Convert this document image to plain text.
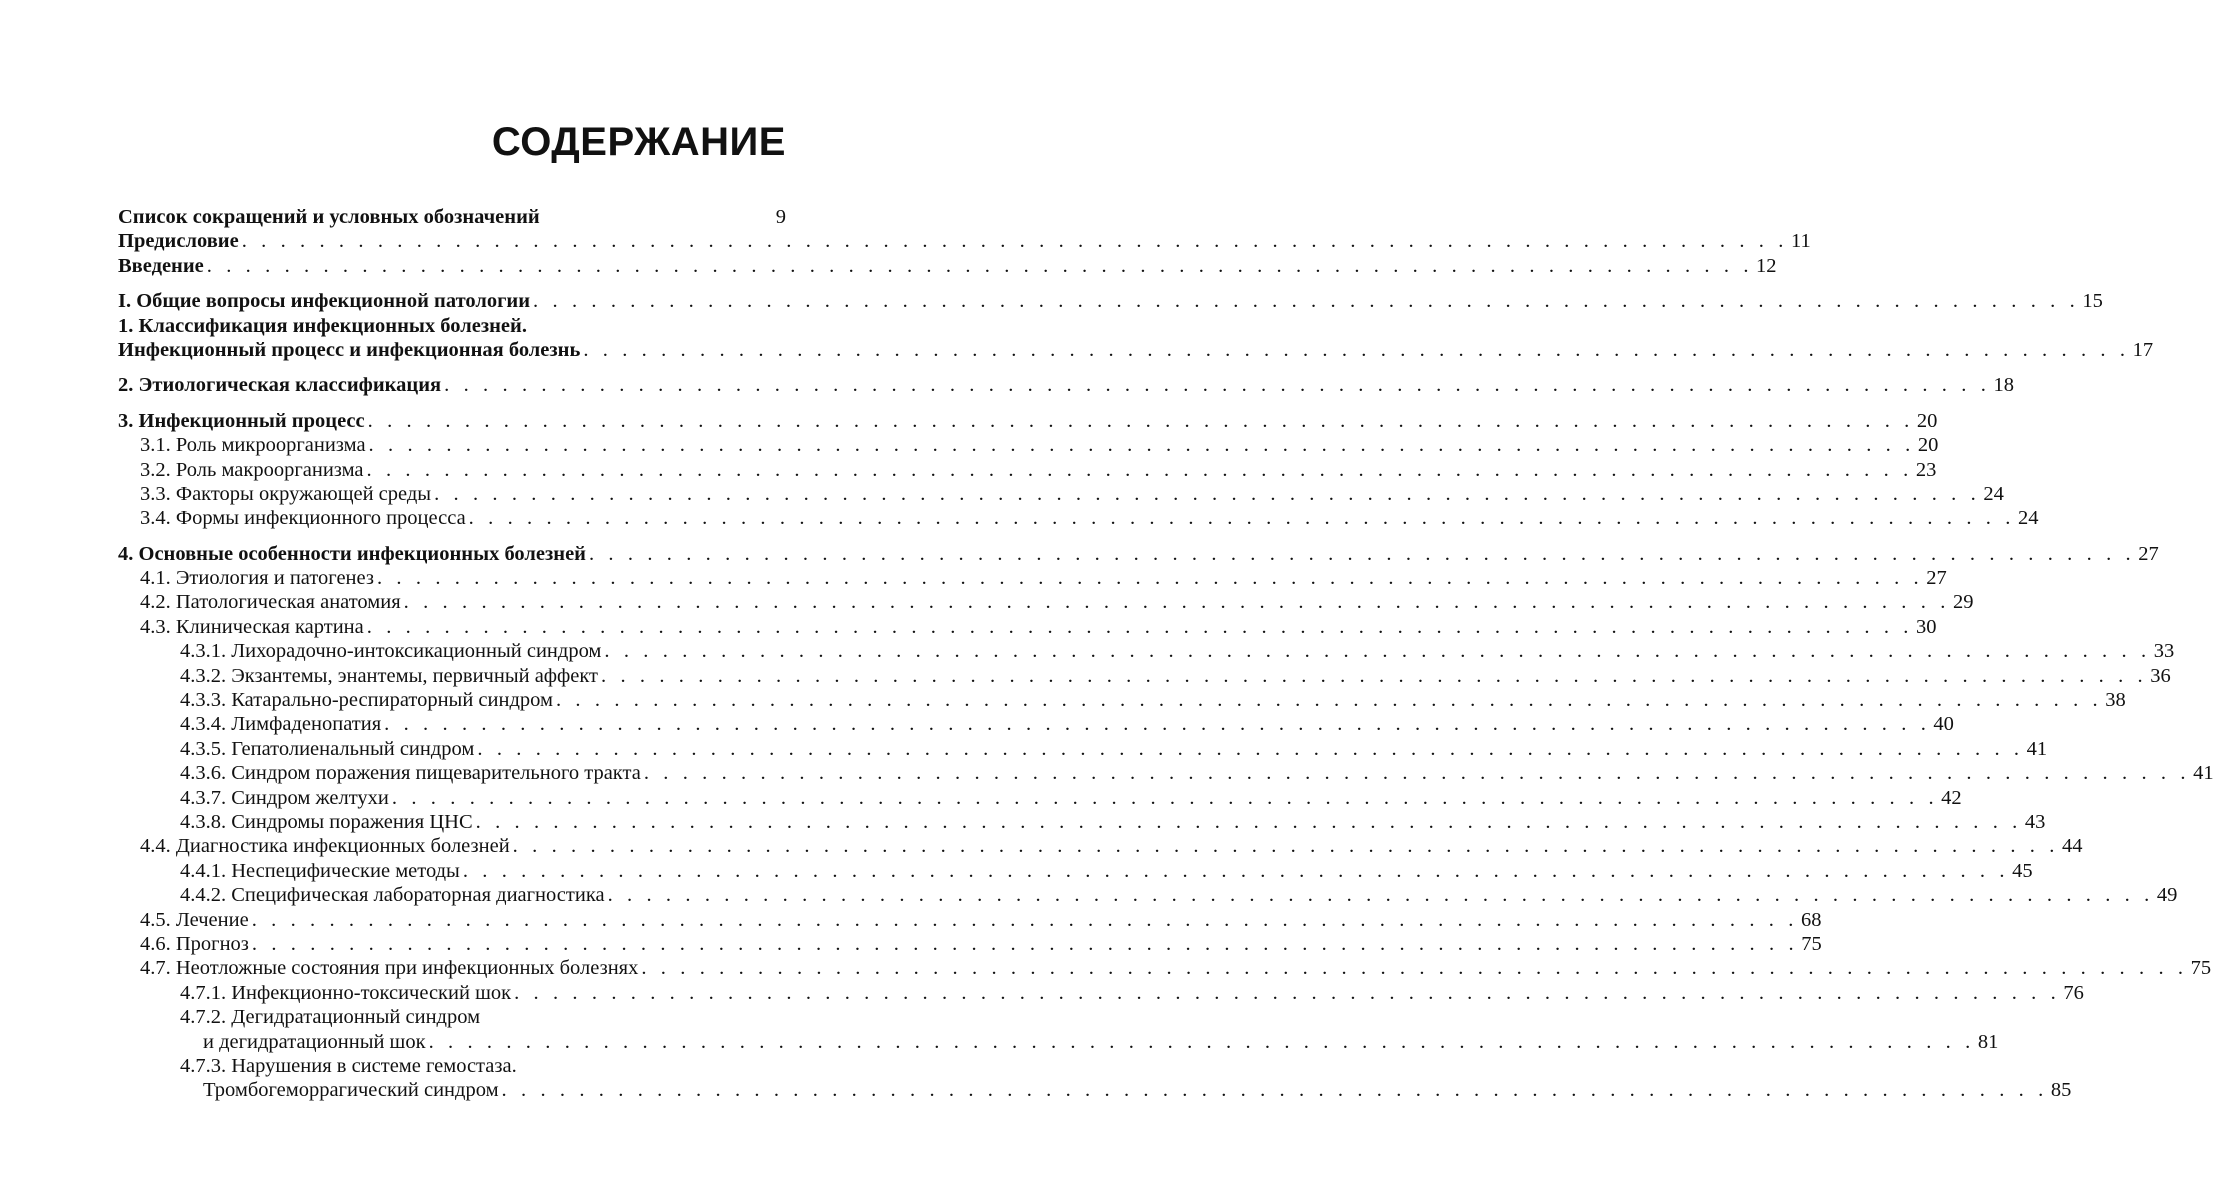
СОДЕРЖАНИЕ
Список сокращений и условных обозначений	9
Предисловие . . . . . . . . . . . . . . . . . . . . . . . . . . . . . . . . . . . . . . . . . . . . . . . . . . . . . . . . . . . . . . . . . . . . . . . . . . . . . . . . 11
Введение . . . . . . . . . . . . . . . . . . . . . . . . . . . . . . . . . . . . . . . . . . . . . . . . . . . . . . . . . . . . . . . . . . . . . . . . . . . . . . . . 12
I. Общие вопросы инфекционной патологии . . . . . . . . . . . . . . . . . . . . . . . . . . . . . . . . . . . . . . . . . . . . . . . . . . . . . . . . . . . . . . . . . . . . . . . . . . . . . . . . 15
1. Классификация инфекционных болезней.
Инфекционный процесс и инфекционная болезнь . . . . . . . . . . . . . . . . . . . . . . . . . . . . . . . . . . . . . . . . . . . . . . . . . . . . . . . . . . . . . . . . . . . . . . . . . . . . . . . . 17
2. Этиологическая классификация . . . . . . . . . . . . . . . . . . . . . . . . . . . . . . . . . . . . . . . . . . . . . . . . . . . . . . . . . . . . . . . . . . . . . . . . . . . . . . . . 18
3. Инфекционный процесс . . . . . . . . . . . . . . . . . . . . . . . . . . . . . . . . . . . . . . . . . . . . . . . . . . . . . . . . . . . . . . . . . . . . . . . . . . . . . . . . 20
3.1. Роль микроорганизма . . . . . . . . . . . . . . . . . . . . . . . . . . . . . . . . . . . . . . . . . . . . . . . . . . . . . . . . . . . . . . . . . . . . . . . . . . . . . . . . 20
3.2. Роль макроорганизма . . . . . . . . . . . . . . . . . . . . . . . . . . . . . . . . . . . . . . . . . . . . . . . . . . . . . . . . . . . . . . . . . . . . . . . . . . . . . . . . 23
3.3. Факторы окружающей среды . . . . . . . . . . . . . . . . . . . . . . . . . . . . . . . . . . . . . . . . . . . . . . . . . . . . . . . . . . . . . . . . . . . . . . . . . . . . . . . . 24
3.4. Формы инфекционного процесса . . . . . . . . . . . . . . . . . . . . . . . . . . . . . . . . . . . . . . . . . . . . . . . . . . . . . . . . . . . . . . . . . . . . . . . . . . . . . . . . 24
4. Основные особенности инфекционных болезней . . . . . . . . . . . . . . . . . . . . . . . . . . . . . . . . . . . . . . . . . . . . . . . . . . . . . . . . . . . . . . . . . . . . . . . . . . . . . . . . 27
4.1. Этиология и патогенез . . . . . . . . . . . . . . . . . . . . . . . . . . . . . . . . . . . . . . . . . . . . . . . . . . . . . . . . . . . . . . . . . . . . . . . . . . . . . . . . 27
4.2. Патологическая анатомия . . . . . . . . . . . . . . . . . . . . . . . . . . . . . . . . . . . . . . . . . . . . . . . . . . . . . . . . . . . . . . . . . . . . . . . . . . . . . . . . 29
4.3. Клиническая картина . . . . . . . . . . . . . . . . . . . . . . . . . . . . . . . . . . . . . . . . . . . . . . . . . . . . . . . . . . . . . . . . . . . . . . . . . . . . . . . . 30
4.3.1. Лихорадочно-интоксикационный синдром . . . . . . . . . . . . . . . . . . . . . . . . . . . . . . . . . . . . . . . . . . . . . . . . . . . . . . . . . . . . . . . . . . . . . . . . . . . . . . . . 33
4.3.2. Экзантемы, энантемы, первичный аффект . . . . . . . . . . . . . . . . . . . . . . . . . . . . . . . . . . . . . . . . . . . . . . . . . . . . . . . . . . . . . . . . . . . . . . . . . . . . . . . . 36
4.3.3. Катарально-респираторный синдром . . . . . . . . . . . . . . . . . . . . . . . . . . . . . . . . . . . . . . . . . . . . . . . . . . . . . . . . . . . . . . . . . . . . . . . . . . . . . . . . 38
4.3.4. Лимфаденопатия . . . . . . . . . . . . . . . . . . . . . . . . . . . . . . . . . . . . . . . . . . . . . . . . . . . . . . . . . . . . . . . . . . . . . . . . . . . . . . . . 40
4.3.5. Гепатолиенальный синдром . . . . . . . . . . . . . . . . . . . . . . . . . . . . . . . . . . . . . . . . . . . . . . . . . . . . . . . . . . . . . . . . . . . . . . . . . . . . . . . . 41
4.3.6. Синдром поражения пищеварительного тракта . . . . . . . . . . . . . . . . . . . . . . . . . . . . . . . . . . . . . . . . . . . . . . . . . . . . . . . . . . . . . . . . . . . . . . . . . . . . . . . . 41
4.3.7. Синдром желтухи . . . . . . . . . . . . . . . . . . . . . . . . . . . . . . . . . . . . . . . . . . . . . . . . . . . . . . . . . . . . . . . . . . . . . . . . . . . . . . . . 42
4.3.8. Синдромы поражения ЦНС . . . . . . . . . . . . . . . . . . . . . . . . . . . . . . . . . . . . . . . . . . . . . . . . . . . . . . . . . . . . . . . . . . . . . . . . . . . . . . . . 43
4.4. Диагностика инфекционных болезней . . . . . . . . . . . . . . . . . . . . . . . . . . . . . . . . . . . . . . . . . . . . . . . . . . . . . . . . . . . . . . . . . . . . . . . . . . . . . . . . 44
4.4.1. Неспецифические методы . . . . . . . . . . . . . . . . . . . . . . . . . . . . . . . . . . . . . . . . . . . . . . . . . . . . . . . . . . . . . . . . . . . . . . . . . . . . . . . . 45
4.4.2. Специфическая лабораторная диагностика . . . . . . . . . . . . . . . . . . . . . . . . . . . . . . . . . . . . . . . . . . . . . . . . . . . . . . . . . . . . . . . . . . . . . . . . . . . . . . . . 49
4.5. Лечение . . . . . . . . . . . . . . . . . . . . . . . . . . . . . . . . . . . . . . . . . . . . . . . . . . . . . . . . . . . . . . . . . . . . . . . . . . . . . . . . 68
4.6. Прогноз . . . . . . . . . . . . . . . . . . . . . . . . . . . . . . . . . . . . . . . . . . . . . . . . . . . . . . . . . . . . . . . . . . . . . . . . . . . . . . . . 75
4.7. Неотложные состояния при инфекционных болезнях . . . . . . . . . . . . . . . . . . . . . . . . . . . . . . . . . . . . . . . . . . . . . . . . . . . . . . . . . . . . . . . . . . . . . . . . . . . . . . . . 75
4.7.1. Инфекционно-токсический шок . . . . . . . . . . . . . . . . . . . . . . . . . . . . . . . . . . . . . . . . . . . . . . . . . . . . . . . . . . . . . . . . . . . . . . . . . . . . . . . . 76
4.7.2. Дегидратационный синдром
и дегидратационный шок . . . . . . . . . . . . . . . . . . . . . . . . . . . . . . . . . . . . . . . . . . . . . . . . . . . . . . . . . . . . . . . . . . . . . . . . . . . . . . . . 81
4.7.3. Нарушения в системе гемостаза.
Тромбогеморрагический синдром . . . . . . . . . . . . . . . . . . . . . . . . . . . . . . . . . . . . . . . . . . . . . . . . . . . . . . . . . . . . . . . . . . . . . . . . . . . . . . . . 85
